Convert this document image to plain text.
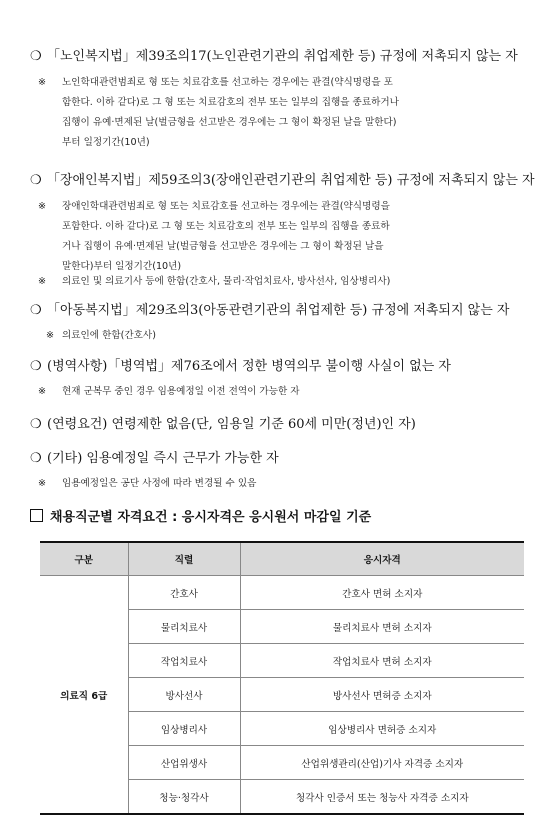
❍ 「노인복지법」제39조의17(노인관련기관의 취업제한 등) 규정에 저촉되지 않는 자
※ 노인학대관련범죄로 형 또는 치료감호를 선고하는 경우에는 관결(약식명령을 포
함한다. 이하 같다)로 그 형 또는 치료감호의 전부 또는 일부의 집행을 종료하거나
집행이 유예·면제된 날(벌금형을 선고받은 경우에는 그 형이 확정된 날을 말한다)
부터 일정기간(10년)
❍ 「장애인복지법」제59조의3(장애인관련기관의 취업제한 등) 규정에 저촉되지 않는 자
※ 장애인학대관련범죄로 형 또는 치료감호를 선고하는 경우에는 관결(약식명령을
포함한다. 이하 같다)로 그 형 또는 치료감호의 전부 또는 일부의 집행을 종료하
거나 집행이 유예·면제된 날(벌금형을 선고받은 경우에는 그 형이 확정된 날을
말한다)부터 일정기간(10년)
※ 의료인 및 의료기사 등에 한함(간호사, 물리·작업치료사, 방사선사, 임상병리사)
❍ 「아동복지법」제29조의3(아동관련기관의 취업제한 등) 규정에 저촉되지 않는 자
※ 의료인에 한함(간호사)
❍ (병역사항)「병역법」제76조에서 정한 병역의무 불이행 사실이 없는 자
※ 현재 군복무 중인 경우 임용예정일 이전 전역이 가능한 자
❍ (연령요건) 연령제한 없음(단, 임용일 기준 60세 미만(정년)인 자)
❍ (기타) 임용예정일 즉시 근무가 가능한 자
※ 임용예정일은 공단 사정에 따라 변경될 수 있음
채용직군별 자격요건 : 응시자격은 응시원서 마감일 기준
구분	직렬	응시자격
의료직 6급	간호사	간호사 면허 소지자
	물리치료사	물리치료사 면허 소지자
	작업치료사	작업치료사 면허 소지자
	방사선사	방사선사 면허증 소지자
	임상병리사	임상병리사 면허증 소지자
	산업위생사	산업위생관리(산업)기사 자격증 소지자
	청능·청각사	청각사 인증서 또는 청능사 자격증 소지자
